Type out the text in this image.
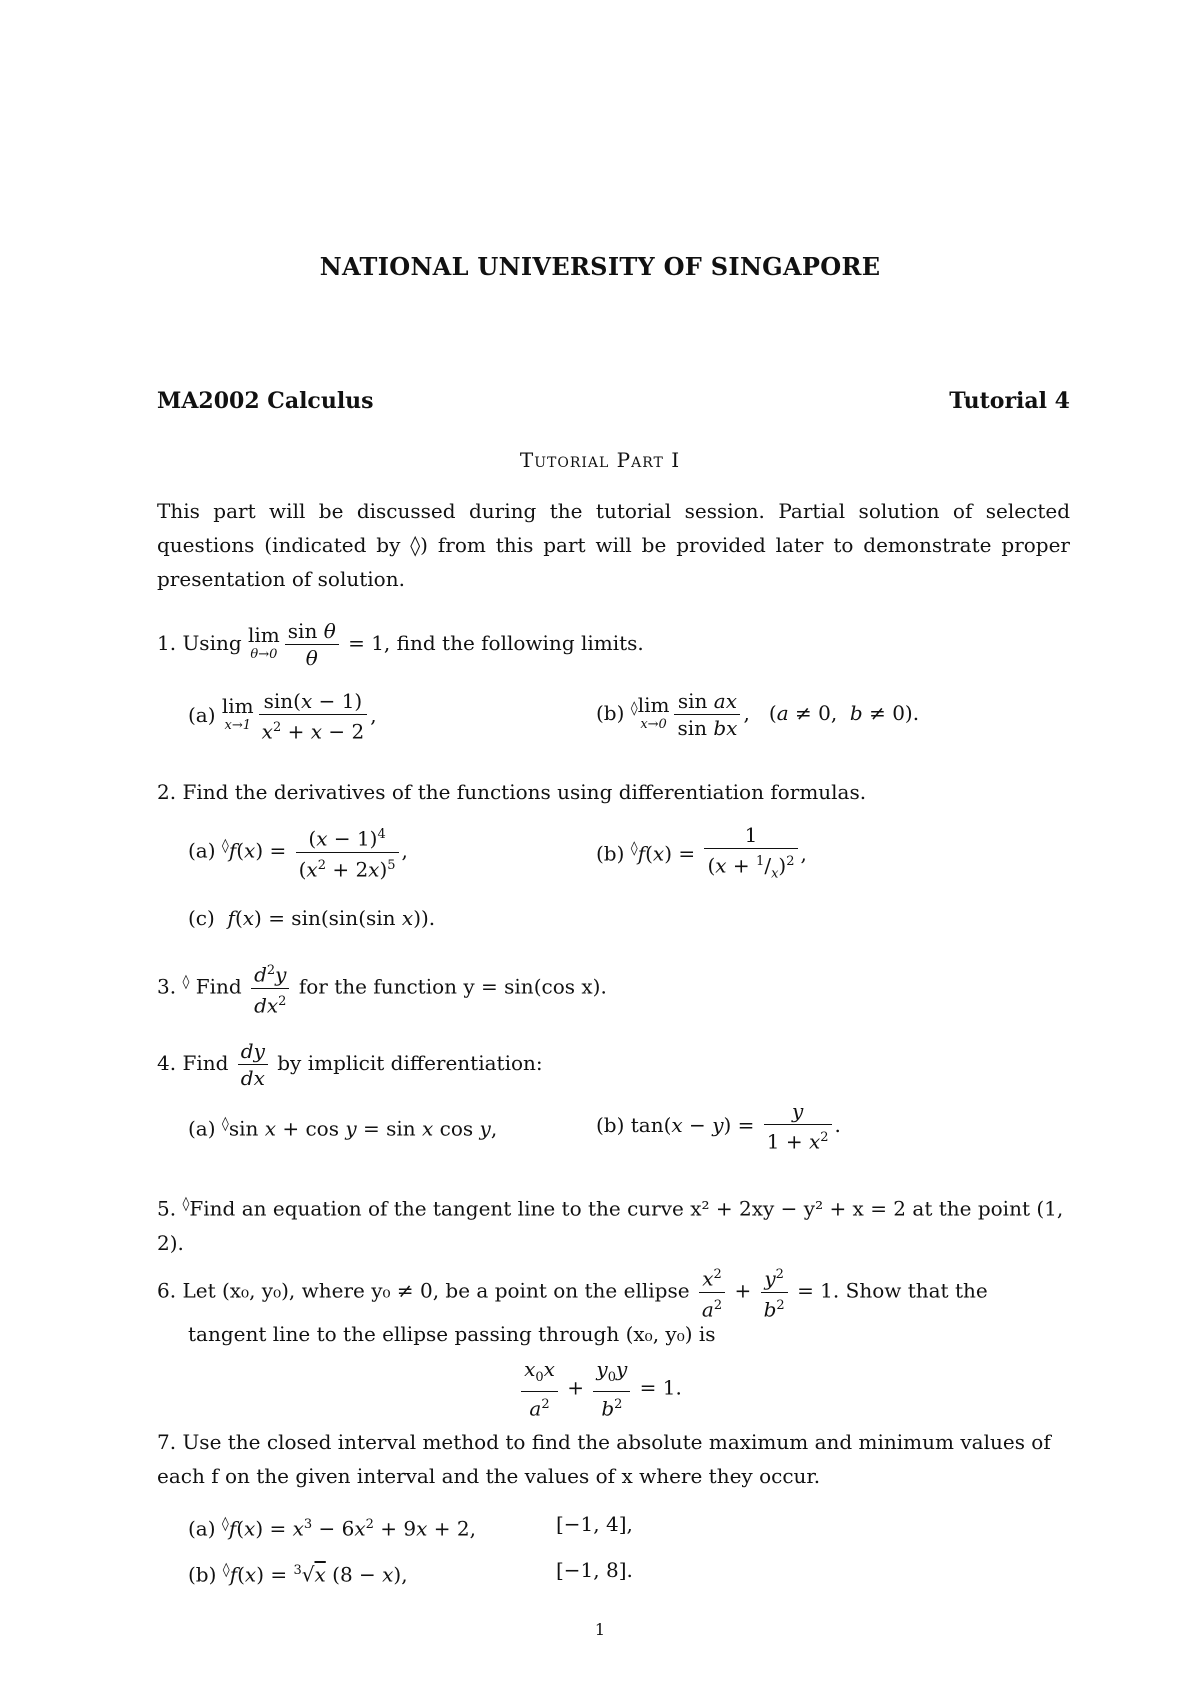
NATIONAL UNIVERSITY OF SINGAPORE
MA2002 Calculus	Tutorial 4
Tutorial Part I
This part will be discussed during the tutorial session. Partial solution of selected questions (indicated by ◊) from this part will be provided later to demonstrate proper presentation of solution.
1. Using lim
$\theta\to 0 \frac{\text{sin θ}}{\theta} = 1$, find the following limits.
(a) lim
$x\to 1 \frac{\sin(x - 1)}{x^2 + x - 2}$ ,	(b) ◊ lim
$x\to 0 \frac{\text{sin ax}}{\text{sin bx}}$ ,   (a ≠ 0,  b ≠ 0).
2. Find the derivatives of the functions using differentiation formulas.
(a) $^◊f(x) = \frac{(x - 1)^4}{(x^2 + 2x)^5}$ ,	(b) $^◊f(x) = \frac{1}{(x + ^1/_x)^2}$ ,
(c)  f(x) = sin(sin(sin x)).
3. ◊ Find $\frac{d^2y}{dx^2}$ for the function y = sin(cos x).
4. Find $\frac{dy}{dx}$ by implicit differentiation:
(a) ◊sin x + cos y = sin x cos y,	(b) $\tan(x - y) = \frac{y}{1 + x^2}$ .
5. ◊Find an equation of the tangent line to the curve x² + 2xy − y² + x = 2 at the point (1, 2).
6. Let (x₀, y₀), where y₀ ≠ 0, be a point on the ellipse $\frac{x^2}{a^2} + \frac{y^2}{b^2} = 1$. Show that the
tangent line to the ellipse passing through (x₀, y₀) is
$\frac{x_0x}{a^2} + \frac{y_0y}{b^2} = 1$.
7. Use the closed interval method to find the absolute maximum and minimum values of each f on the given interval and the values of x where they occur.
(a) $^◊f(x) = x^3 - 6x^2 + 9x + 2$,	[−1, 4],
(b) ◊f(x) = $^3$√x (8 − x),	[−1, 8].
1
